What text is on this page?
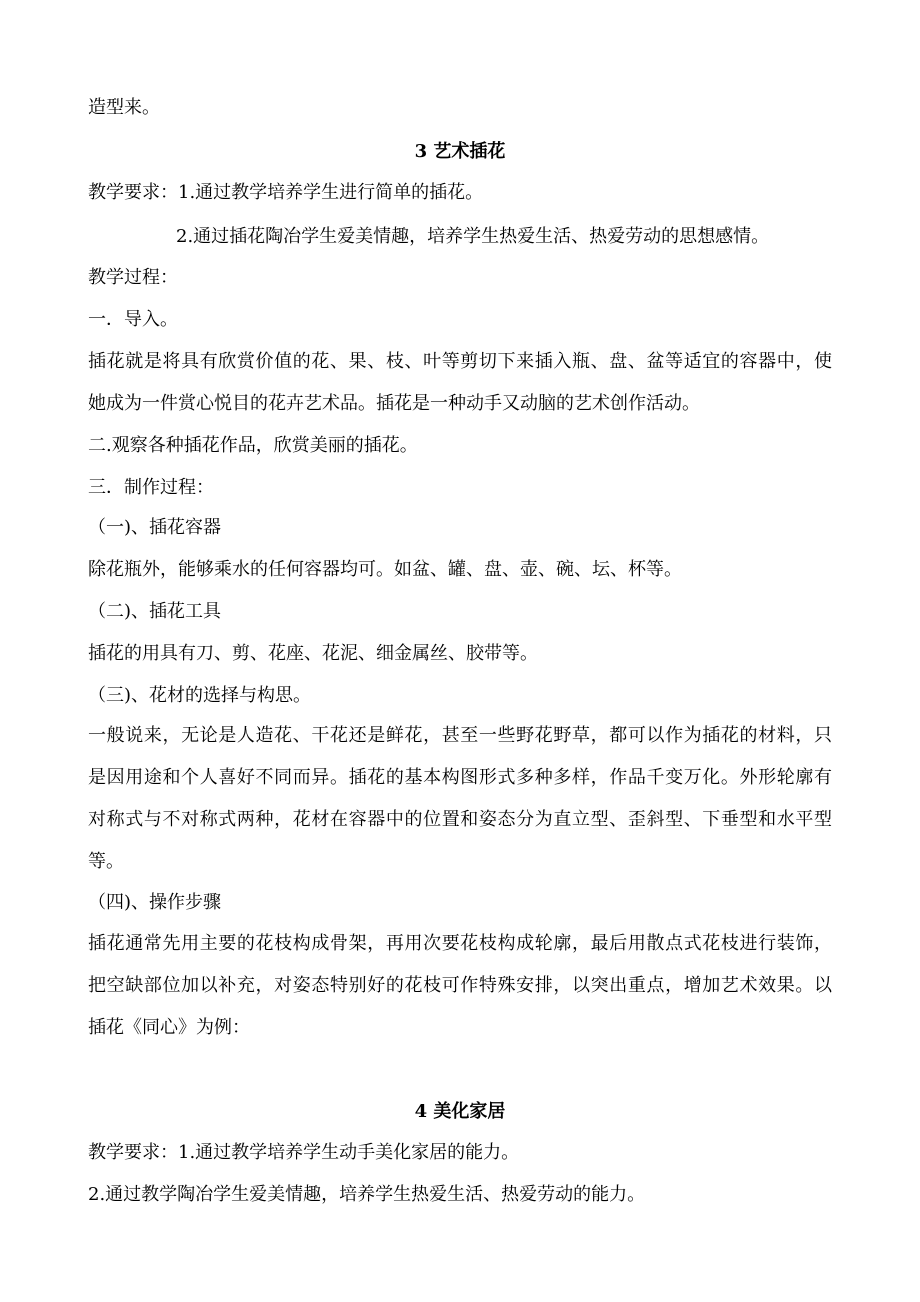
造型来。
3 艺术插花
教学要求：1.通过教学培养学生进行简单的插花。
2.通过插花陶冶学生爱美情趣，培养学生热爱生活、热爱劳动的思想感情。
教学过程：
一．导入。
插花就是将具有欣赏价值的花、果、枝、叶等剪切下来插入瓶、盘、盆等适宜的容器中，使
她成为一件赏心悦目的花卉艺术品。插花是一种动手又动脑的艺术创作活动。
二.观察各种插花作品，欣赏美丽的插花。
三．制作过程：
（一)、插花容器
除花瓶外，能够乘水的任何容器均可。如盆、罐、盘、壶、碗、坛、杯等。
（二)、插花工具
插花的用具有刀、剪、花座、花泥、细金属丝、胶带等。
（三)、花材的选择与构思。
一般说来，无论是人造花、干花还是鲜花，甚至一些野花野草，都可以作为插花的材料，只
是因用途和个人喜好不同而异。插花的基本构图形式多种多样，作品千变万化。外形轮廓有
对称式与不对称式两种，花材在容器中的位置和姿态分为直立型、歪斜型、下垂型和水平型
等。
（四)、操作步骤
插花通常先用主要的花枝构成骨架，再用次要花枝构成轮廓，最后用散点式花枝进行装饰，
把空缺部位加以补充，对姿态特别好的花枝可作特殊安排，以突出重点，增加艺术效果。以
插花《同心》为例：
4 美化家居
教学要求：1.通过教学培养学生动手美化家居的能力。
2.通过教学陶冶学生爱美情趣，培养学生热爱生活、热爱劳动的能力。
